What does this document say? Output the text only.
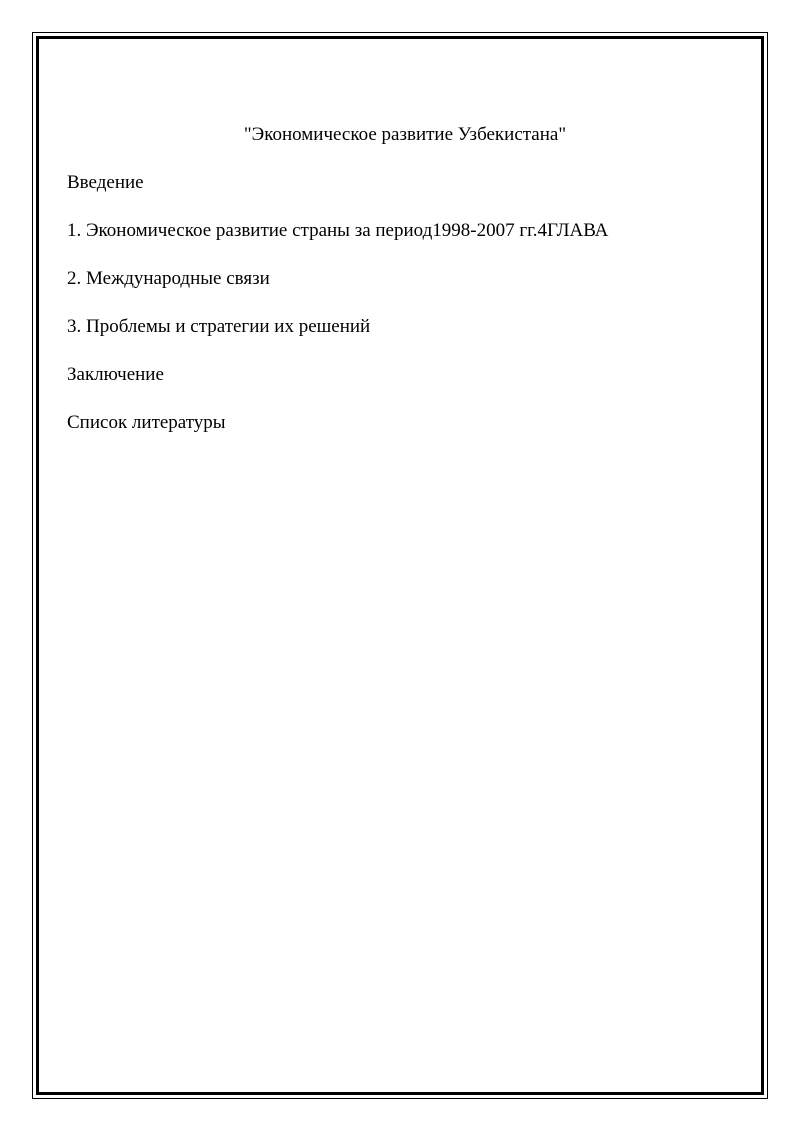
"Экономическое развитие Узбекистана"
Введение
1. Экономическое развитие страны за период1998-2007 гг.4ГЛАВА
2. Международные связи
3. Проблемы и стратегии их решений
Заключение
Список литературы
